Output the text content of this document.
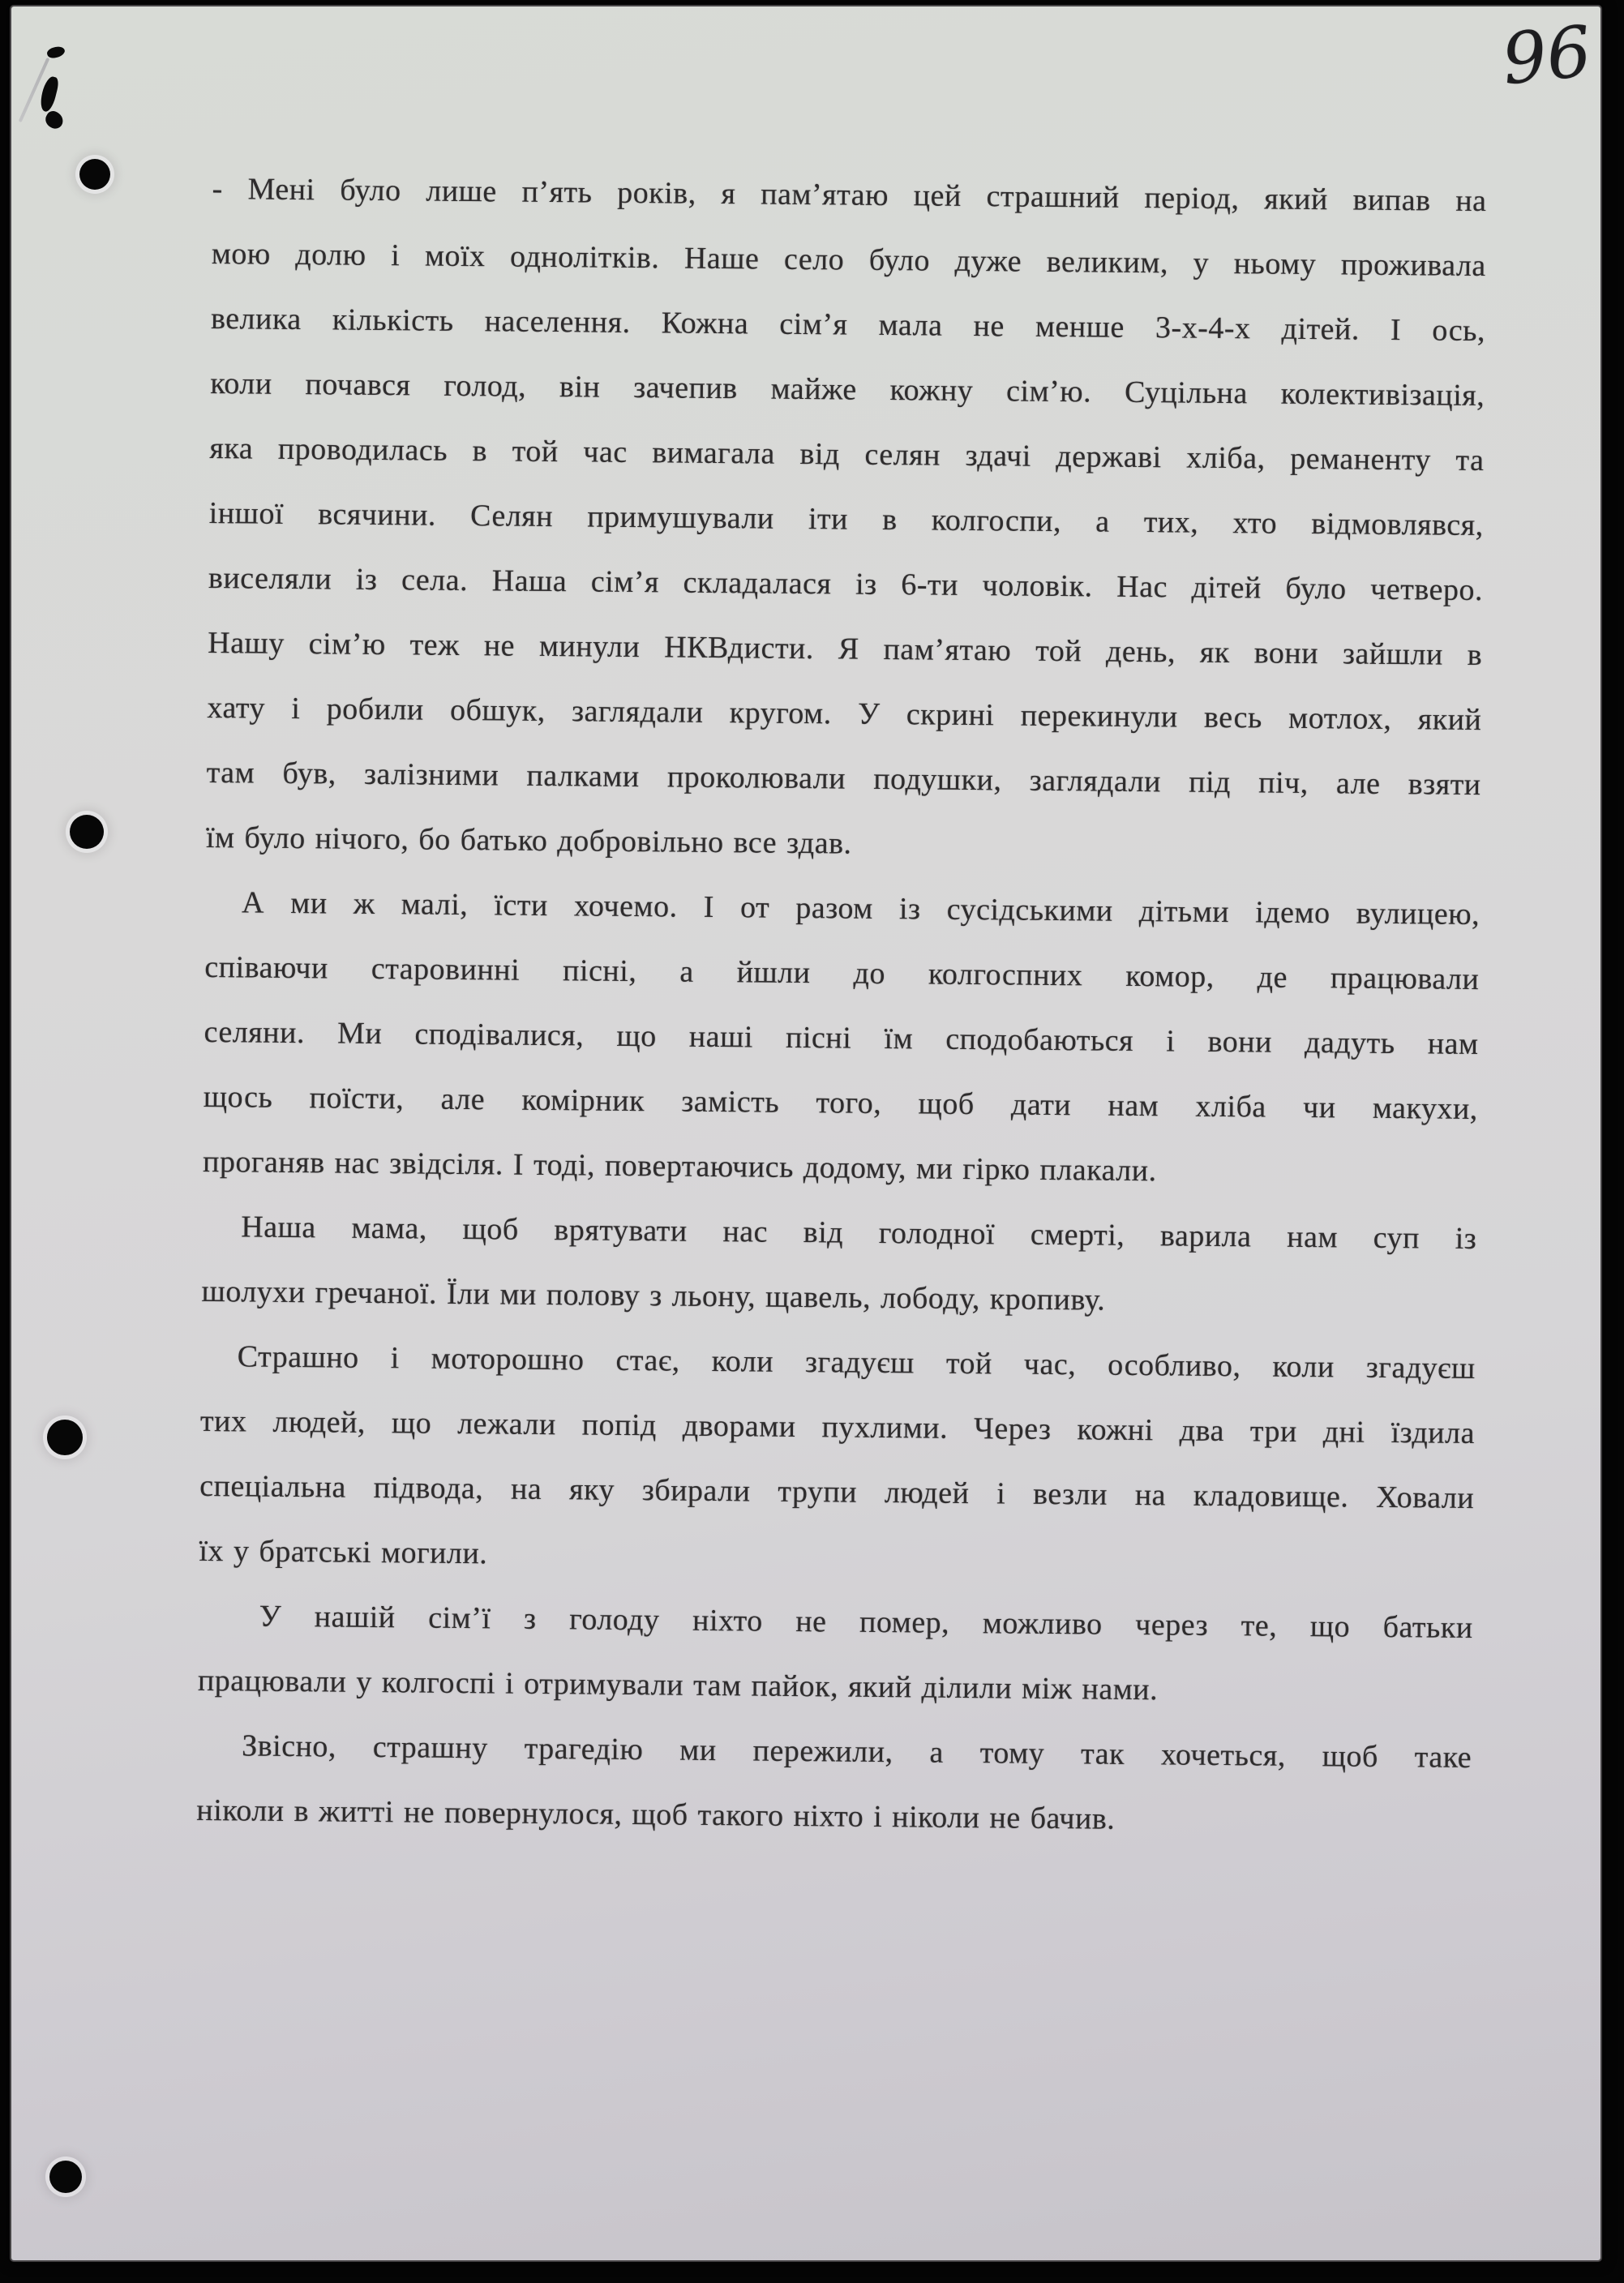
96
- Мені було лише п’ять років, я пам’ятаю цей страшний період, який випав на
мою долю і моїх однолітків. Наше село було дуже великим, у ньому проживала
велика кількість населення. Кожна сім’я мала не менше 3-х-4-х дітей. І ось,
коли почався голод, він зачепив майже кожну сім’ю. Суцільна колективізація,
яка проводилась в той час вимагала від селян здачі державі хліба, реманенту та
іншої всячини. Селян примушували іти в колгоспи, а тих, хто відмовлявся,
виселяли із села. Наша сім’я складалася із 6-ти чоловік. Нас дітей було четверо.
Нашу сім’ю теж не минули НКВдисти. Я пам’ятаю той день, як вони зайшли в
хату і робили обшук, заглядали кругом. У скрині перекинули весь мотлох, який
там був, залізними палками проколювали подушки, заглядали під піч, але взяти
їм було нічого, бо батько добровільно все здав.
А ми ж малі, їсти хочемо. І от разом із сусідськими дітьми ідемо вулицею,
співаючи старовинні пісні, а йшли до колгоспних комор, де працювали
селяни. Ми сподівалися, що наші пісні їм сподобаються і вони дадуть нам
щось поїсти, але комірник замість того, щоб дати нам хліба чи макухи,
проганяв нас звідсіля. І тоді, повертаючись додому, ми гірко плакали.
Наша мама, щоб врятувати нас від голодної смерті, варила нам суп із
шолухи гречаної. Їли ми полову з льону, щавель, лободу, кропиву.
Страшно і моторошно стає, коли згадуєш той час, особливо, коли згадуєш
тих людей, що лежали попід дворами пухлими. Через кожні два три дні їздила
спеціальна підвода, на яку збирали трупи людей і везли на кладовище. Ховали
їх у братські могили.
У нашій сім’ї з голоду ніхто не помер, можливо через те, що батьки
працювали у колгоспі і отримували там пайок, який ділили між нами.
Звісно, страшну трагедію ми пережили, а тому так хочеться, щоб таке
ніколи в житті не повернулося, щоб такого ніхто і ніколи не бачив.
